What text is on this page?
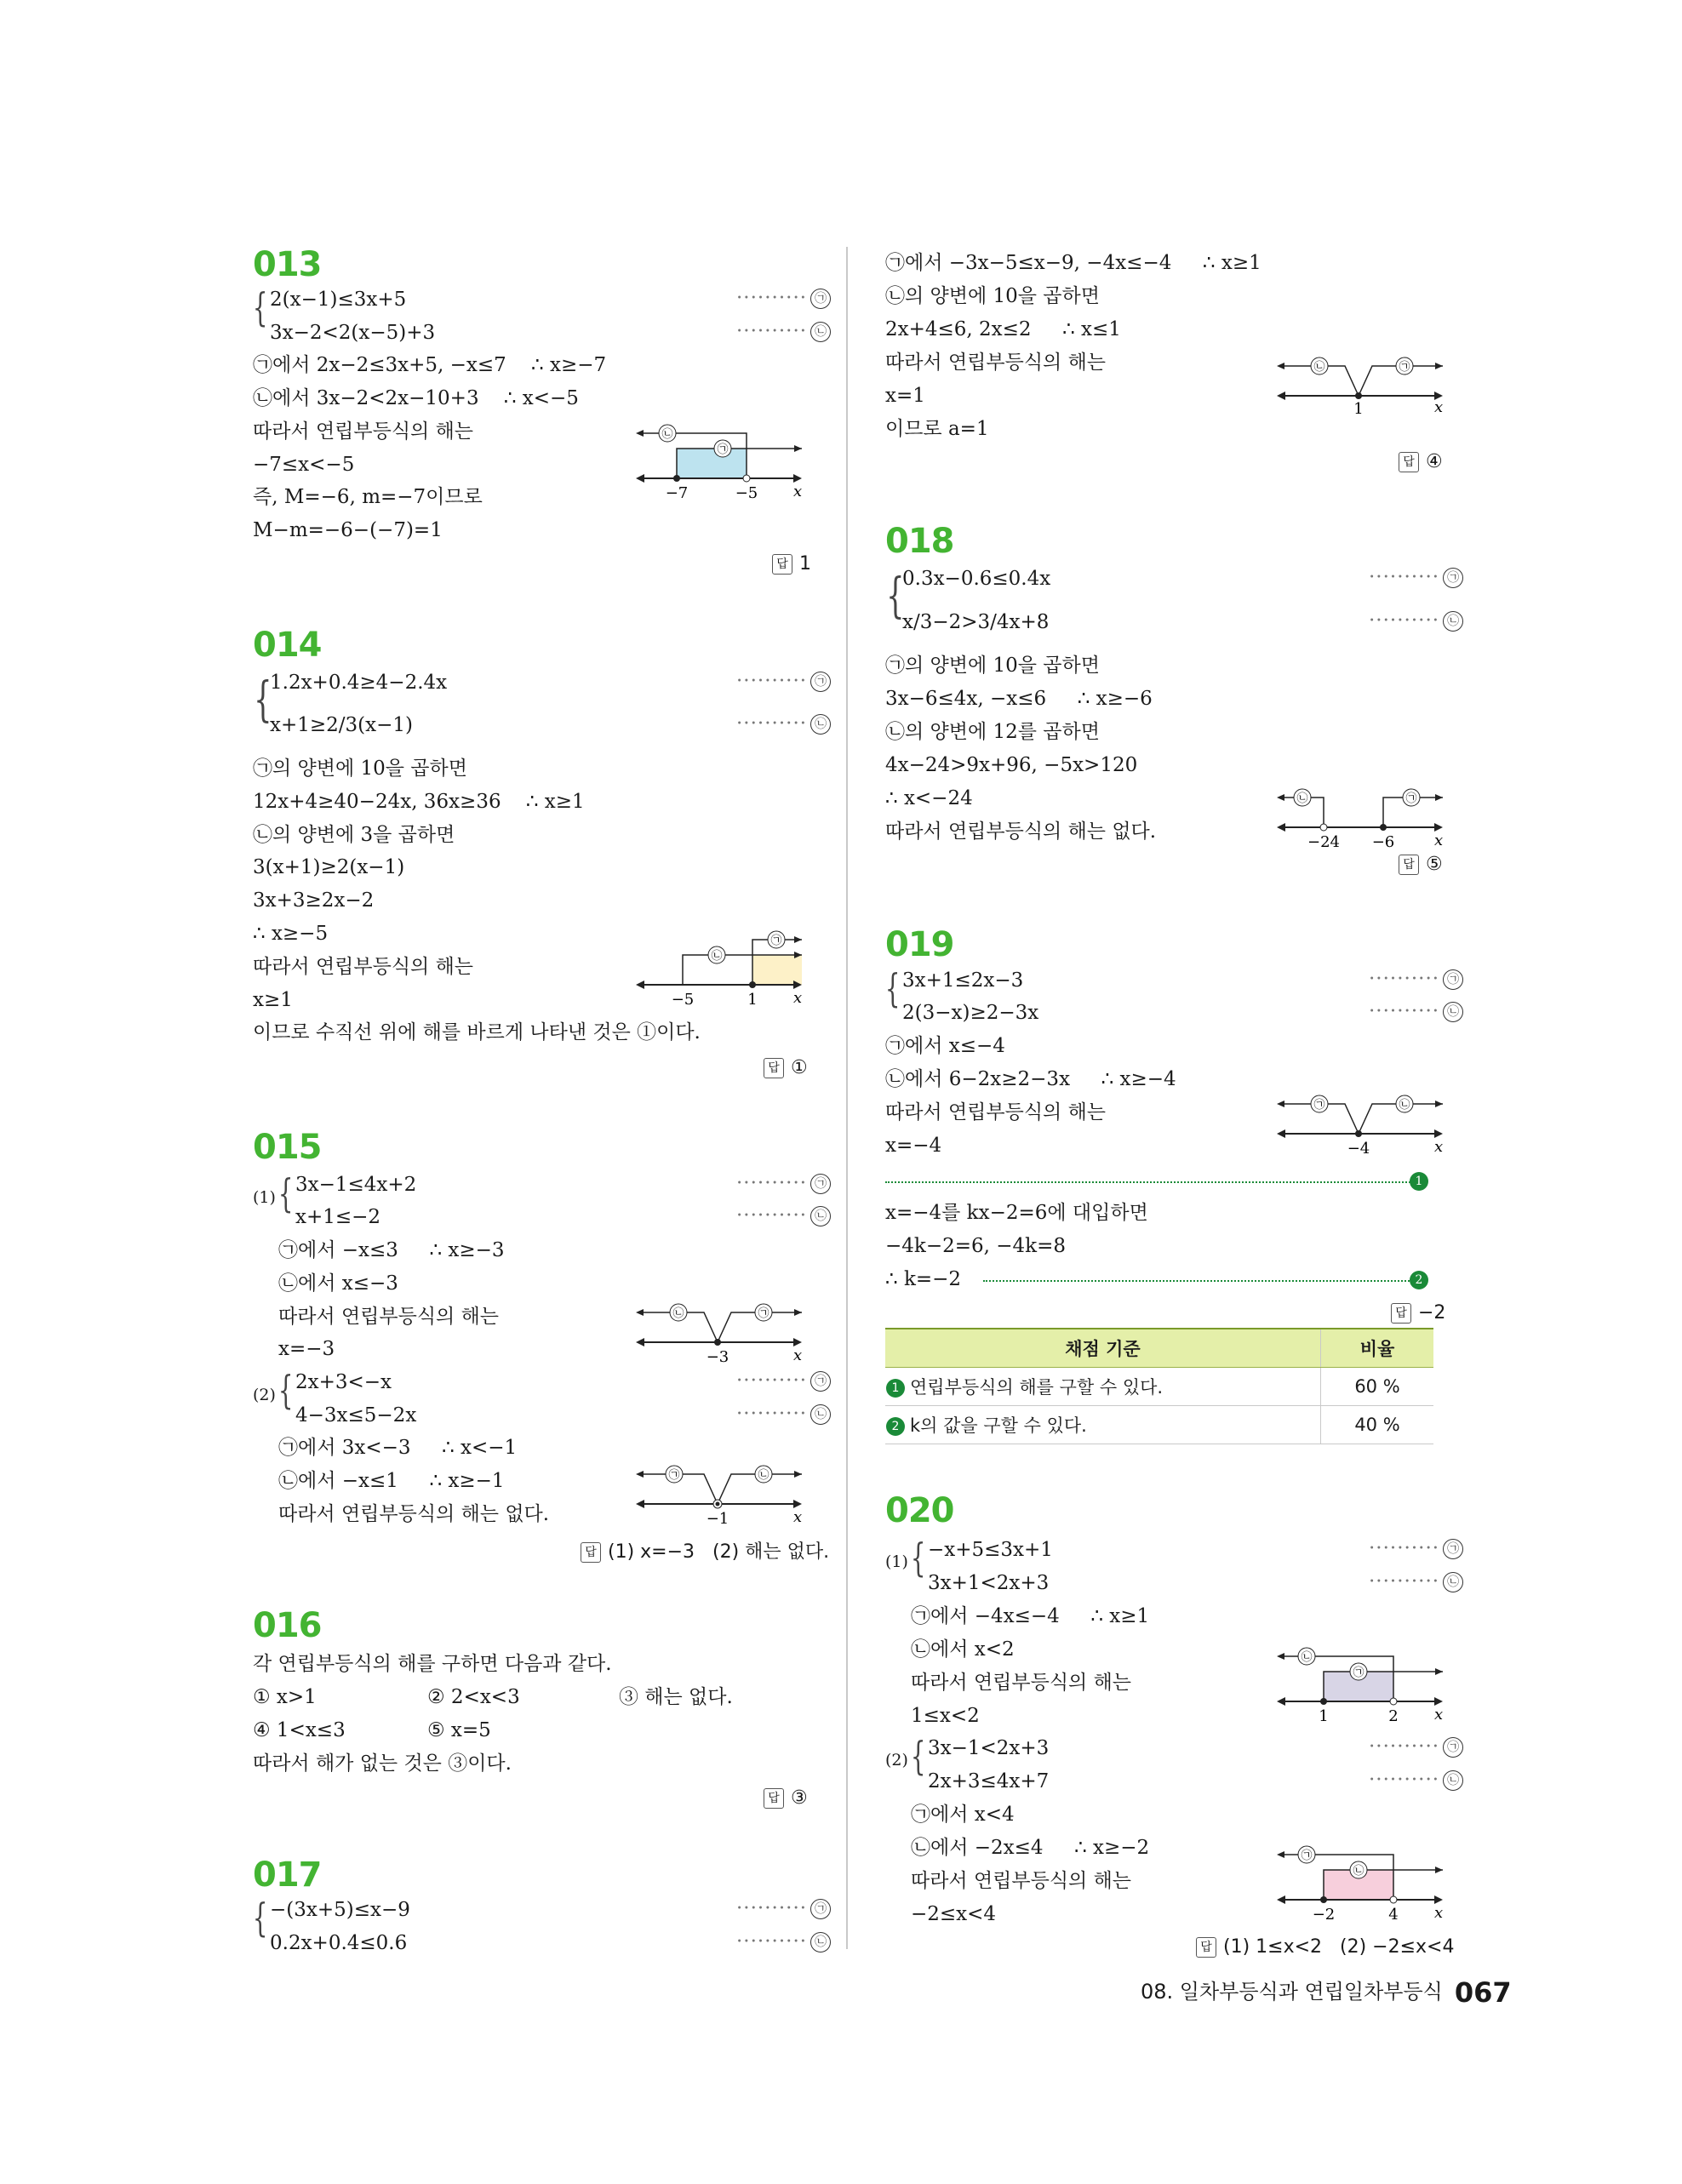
013
{ 2(x−1)≤3x+5	·········· ㉠
3x−2<2(x−5)+3	·········· ㉡
㉠에서 2x−2≤3x+5, −x≤7    ∴ x≥−7
㉡에서 3x−2<2x−10+3    ∴ x<−5
따라서 연립부등식의 해는
−7≤x<−5
즉, M=−6, m=−7이므로
M−m=−6−(−7)=1
㉡
㉠
−7	−5 x
답 1
014
{
1.2x+0.4≥4−2.4x	·········· ㉠
x+1≥2/3(x−1)	·········· ㉡
㉠의 양변에 10을 곱하면
12x+4≥40−24x, 36x≥36    ∴ x≥1
㉡의 양변에 3을 곱하면
3(x+1)≥2(x−1)
3x+3≥2x−2
∴ x≥−5
따라서 연립부등식의 해는
x≥1
이므로 수직선 위에 해를 바르게 나타낸 것은 ①이다.
㉡
㉠
−5	1 x
답 ①
015
(1) { 3x−1≤4x+2	·········· ㉠
x+1≤−2	·········· ㉡
㉠에서 −x≤3     ∴ x≥−3
㉡에서 x≤−3
따라서 연립부등식의 해는
x=−3
㉡	㉠
−3	x
(2) { 2x+3<−x	·········· ㉠
4−3x≤5−2x	·········· ㉡
㉠에서 3x<−3     ∴ x<−1
㉡에서 −x≤1     ∴ x≥−1
따라서 연립부등식의 해는 없다.
㉠	㉡
−1	x
답 (1) x=−3   (2) 해는 없다.
016
각 연립부등식의 해를 구하면 다음과 같다.
① x>1	② 2<x<3	③ 해는 없다.
④ 1<x≤3	⑤ x=5
따라서 해가 없는 것은 ③이다.
답 ③
017
{ −(3x+5)≤x−9	·········· ㉠
0.2x+0.4≤0.6	·········· ㉡
㉠에서 −3x−5≤x−9, −4x≤−4     ∴ x≥1
㉡의 양변에 10을 곱하면
2x+4≤6, 2x≤2     ∴ x≤1
따라서 연립부등식의 해는
x=1
이므로 a=1
㉡	㉠
1	x
답 ④
018
{
0.3x−0.6≤0.4x	·········· ㉠
x/3−2>3/4x+8	·········· ㉡
㉠의 양변에 10을 곱하면
3x−6≤4x, −x≤6     ∴ x≥−6
㉡의 양변에 12를 곱하면
4x−24>9x+96, −5x>120
∴ x<−24
따라서 연립부등식의 해는 없다.
㉡	㉠
−24 −6	x
답 ⑤
019
{ 3x+1≤2x−3	·········· ㉠
2(3−x)≥2−3x	·········· ㉡
㉠에서 x≤−4
㉡에서 6−2x≥2−3x     ∴ x≥−4
따라서 연립부등식의 해는
x=−4
㉠	㉡
−4	x
1
x=−4를 kx−2=6에 대입하면
−4k−2=6, −4k=8
∴ k=−2	2
답 −2
채점 기준	비율
1 연립부등식의 해를 구할 수 있다.	60 %
2 k의 값을 구할 수 있다.	40 %
020
(1) { −x+5≤3x+1	·········· ㉠
3x+1<2x+3	·········· ㉡
㉠에서 −4x≤−4     ∴ x≥1
㉡에서 x<2
따라서 연립부등식의 해는
1≤x<2
㉡
㉠
1	2 x
(2) { 3x−1<2x+3	·········· ㉠
2x+3≤4x+7	·········· ㉡
㉠에서 x<4
㉡에서 −2x≤4     ∴ x≥−2
따라서 연립부등식의 해는
−2≤x<4
㉠
㉡
−2	4 x
답 (1) 1≤x<2   (2) −2≤x<4
08. 일차부등식과 연립일차부등식 067
